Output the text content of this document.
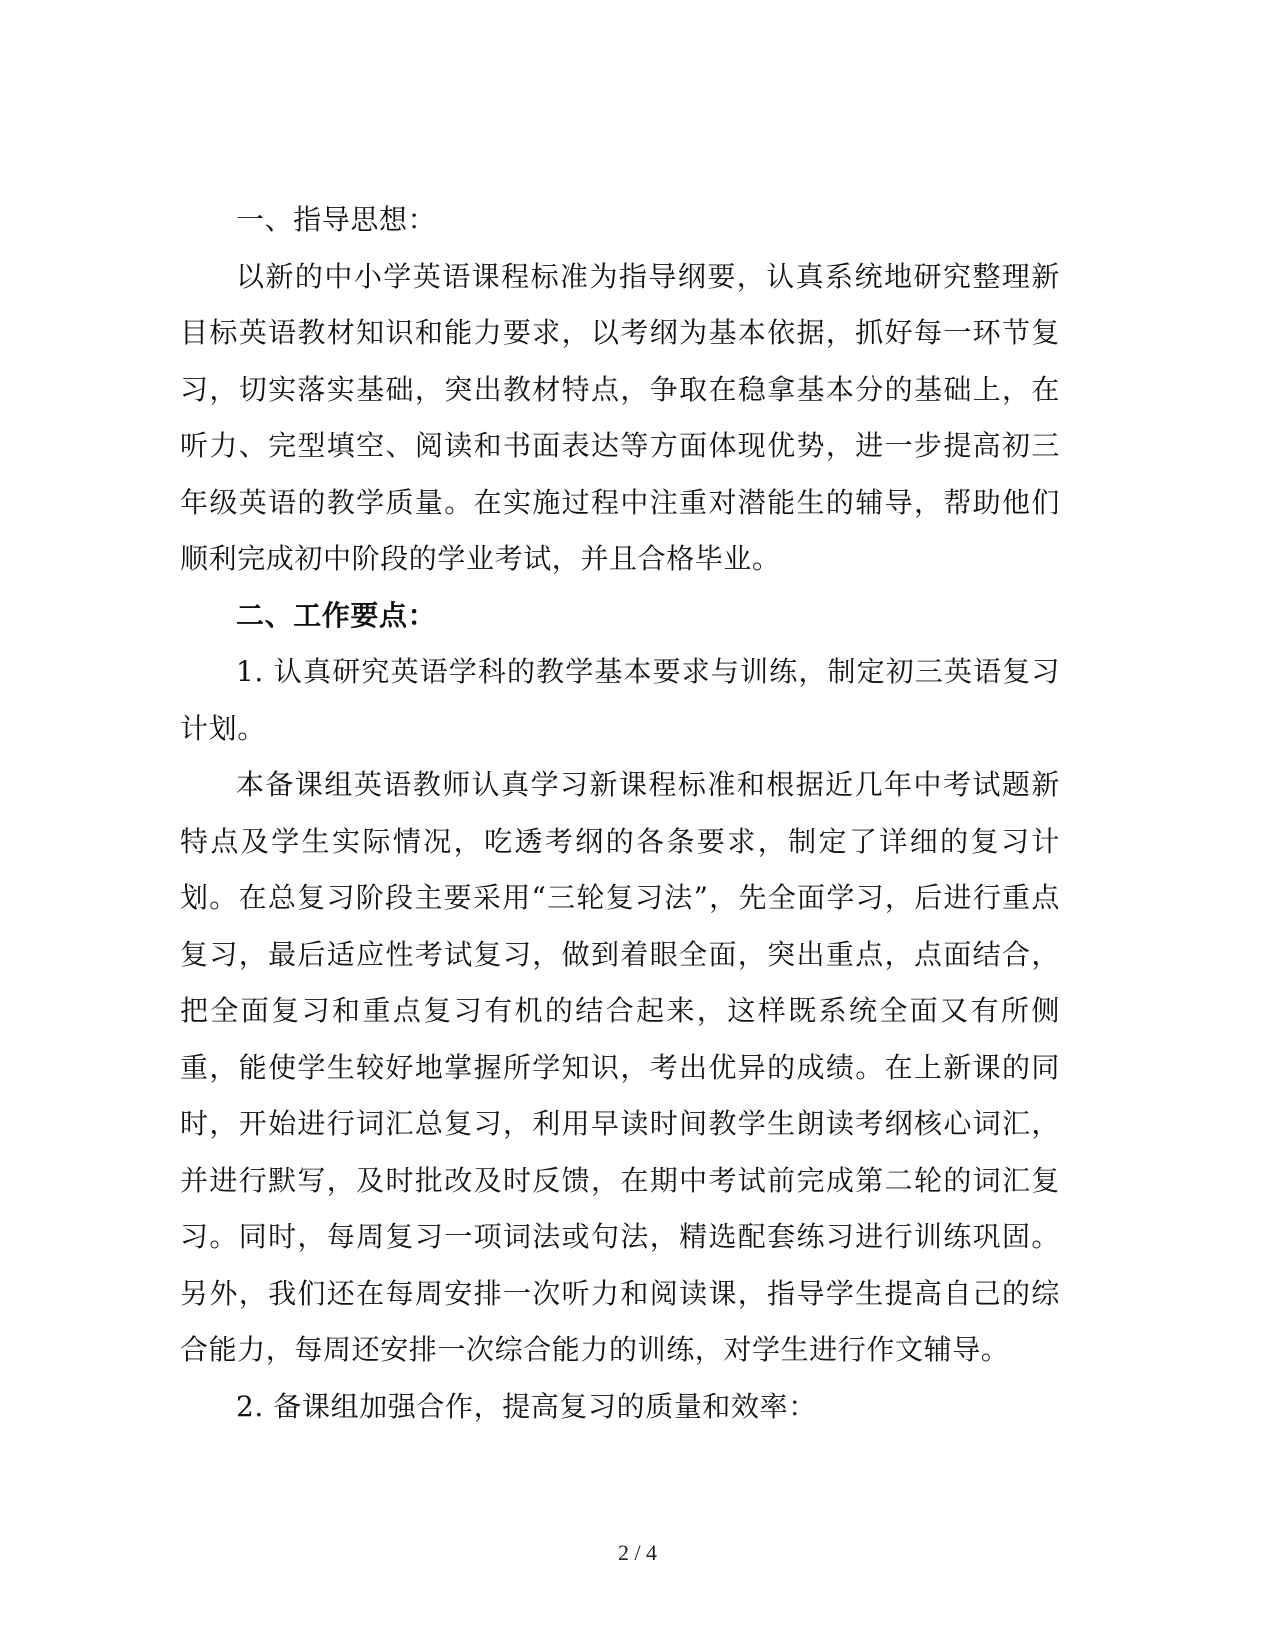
一、指导思想：

以新的中小学英语课程标准为指导纲要，认真系统地研究整理新目标英语教材知识和能力要求，以考纲为基本依据，抓好每一环节复习，切实落实基础，突出教材特点，争取在稳拿基本分的基础上，在听力、完型填空、阅读和书面表达等方面体现优势，进一步提高初三年级英语的教学质量。在实施过程中注重对潜能生的辅导，帮助他们顺利完成初中阶段的学业考试，并且合格毕业。

二、工作要点：

1. 认真研究英语学科的教学基本要求与训练，制定初三英语复习计划。

本备课组英语教师认真学习新课程标准和根据近几年中考试题新特点及学生实际情况，吃透考纲的各条要求，制定了详细的复习计划。在总复习阶段主要采用“三轮复习法”，先全面学习，后进行重点复习，最后适应性考试复习，做到着眼全面，突出重点，点面结合，把全面复习和重点复习有机的结合起来，这样既系统全面又有所侧重，能使学生较好地掌握所学知识，考出优异的成绩。在上新课的同时，开始进行词汇总复习，利用早读时间教学生朗读考纲核心词汇，并进行默写，及时批改及时反馈，在期中考试前完成第二轮的词汇复习。同时，每周复习一项词法或句法，精选配套练习进行训练巩固。另外，我们还在每周安排一次听力和阅读课，指导学生提高自己的综合能力，每周还安排一次综合能力的训练，对学生进行作文辅导。

2. 备课组加强合作，提高复习的质量和效率：

2 / 4
